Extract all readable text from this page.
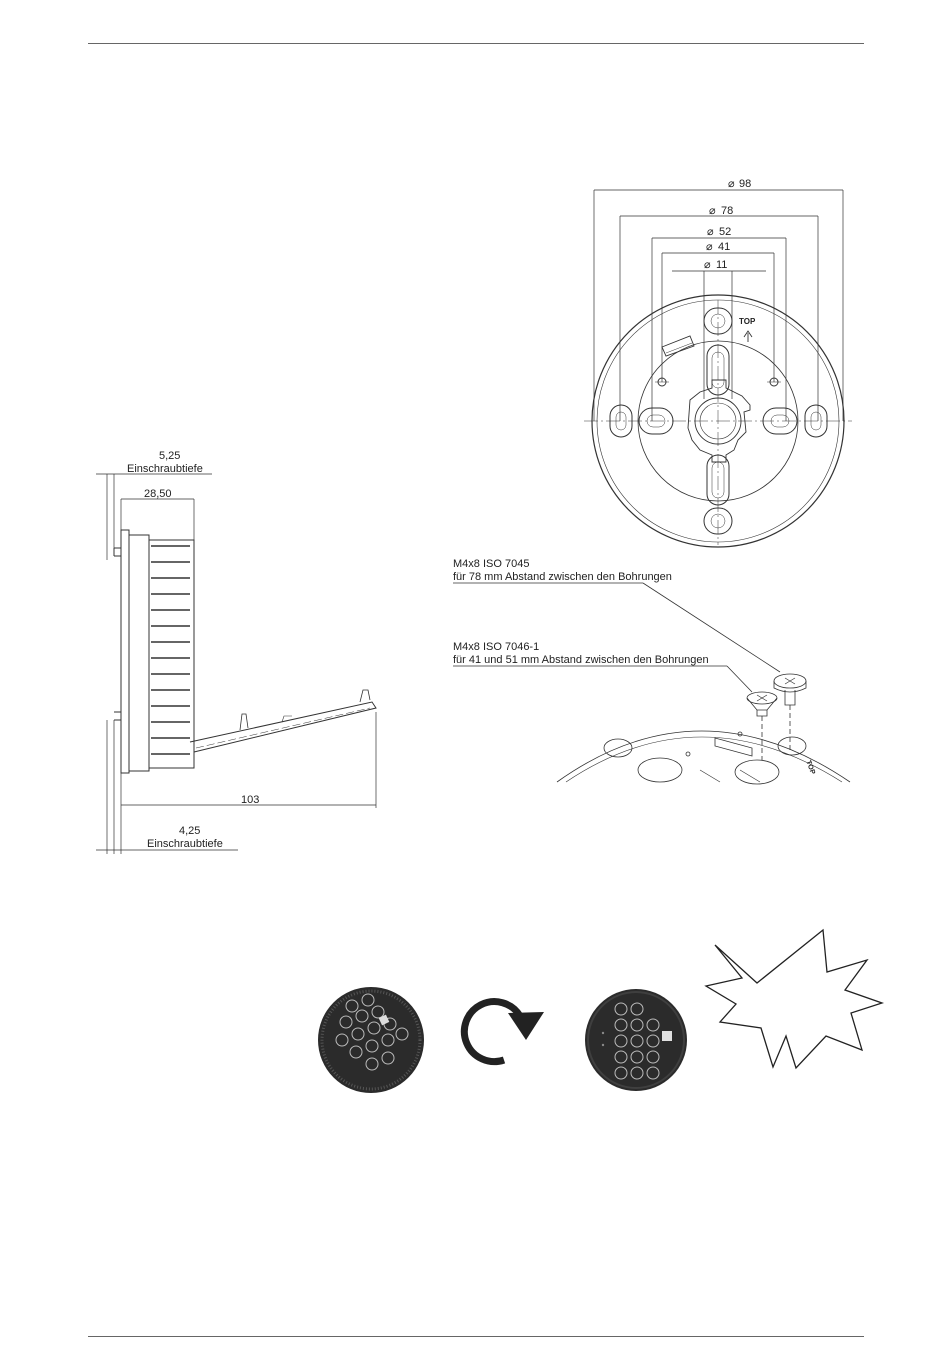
TOP
⌀ 98
⌀ 78
⌀ 52
⌀ 41
⌀ 11
5,25
Einschraubtiefe
28,50
103
4,25
Einschraubtiefe
M4x8 ISO 7045
für 78 mm Abstand zwischen den Bohrungen
M4x8 ISO 7046-1
für 41 und 51 mm Abstand zwischen den Bohrungen
TOP
